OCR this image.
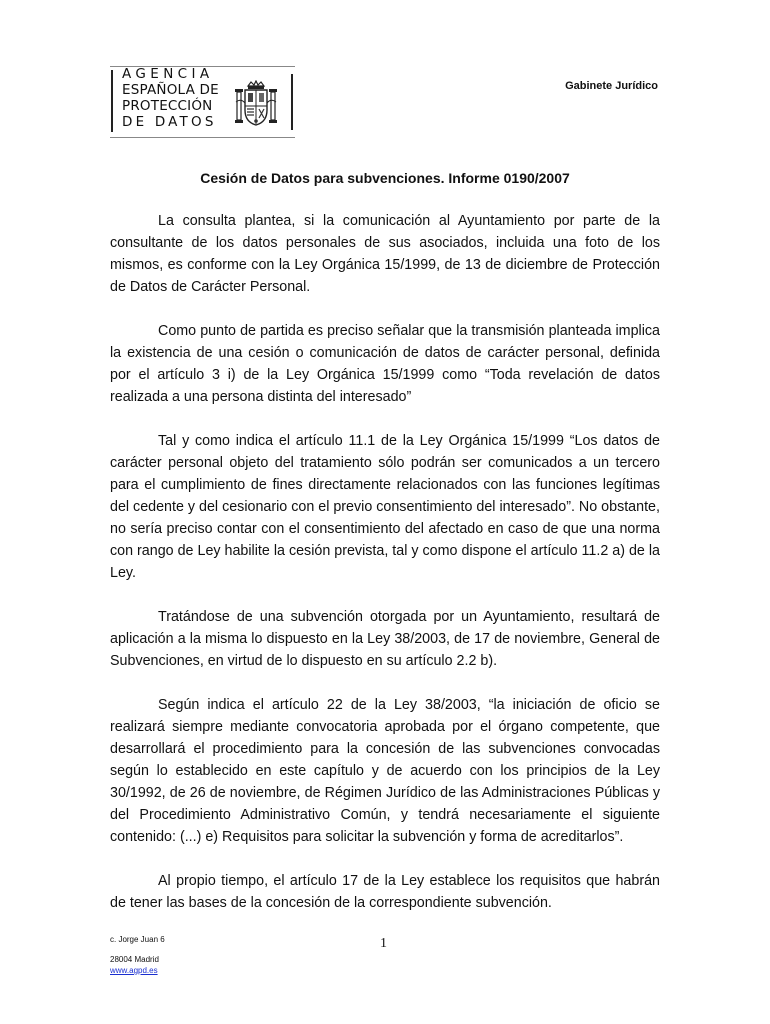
AGENCIA
ESPAÑOLA DE
PROTECCIÓN
DE DATOS
Gabinete Jurídico
Cesión de Datos para subvenciones. Informe 0190/2007

La consulta plantea, si la comunicación al Ayuntamiento por parte de la consultante de los datos personales de sus asociados, incluida una foto de los mismos, es conforme con la Ley Orgánica 15/1999, de 13 de diciembre de Protección de Datos de Carácter Personal.

Como punto de partida es preciso señalar que la transmisión planteada implica la existencia de una cesión o comunicación de datos de carácter personal, definida por el artículo 3 i) de la Ley Orgánica 15/1999 como “Toda revelación de datos realizada a una persona distinta del interesado”

Tal y como indica el artículo 11.1 de la Ley Orgánica 15/1999 “Los datos de carácter personal objeto del tratamiento sólo podrán ser comunicados a un tercero para el cumplimiento de fines directamente relacionados con las funciones legítimas del cedente y del cesionario con el previo consentimiento del interesado”. No obstante, no sería preciso contar con el consentimiento del afectado en caso de que una norma con rango de Ley habilite la cesión prevista, tal y como dispone el artículo 11.2 a) de la Ley.

Tratándose de una subvención otorgada por un Ayuntamiento, resultará de aplicación a la misma lo dispuesto en la Ley 38/2003, de 17 de noviembre, General de Subvenciones, en virtud de lo dispuesto en su artículo 2.2 b).

Según indica el artículo 22 de la Ley 38/2003, “la iniciación de oficio se realizará siempre mediante convocatoria aprobada por el órgano competente, que desarrollará el procedimiento para la concesión de las subvenciones convocadas según lo establecido en este capítulo y de acuerdo con los principios de la Ley 30/1992, de 26 de noviembre, de Régimen Jurídico de las Administraciones Públicas y del Procedimiento Administrativo Común, y tendrá necesariamente el siguiente contenido: (...) e) Requisitos para solicitar la subvención y forma de acreditarlos”.

Al propio tiempo, el artículo 17 de la Ley establece los requisitos que habrán de tener las bases de la concesión de la correspondiente subvención.

c. Jorge Juan 6
28004 Madrid
www.agpd.es
1
